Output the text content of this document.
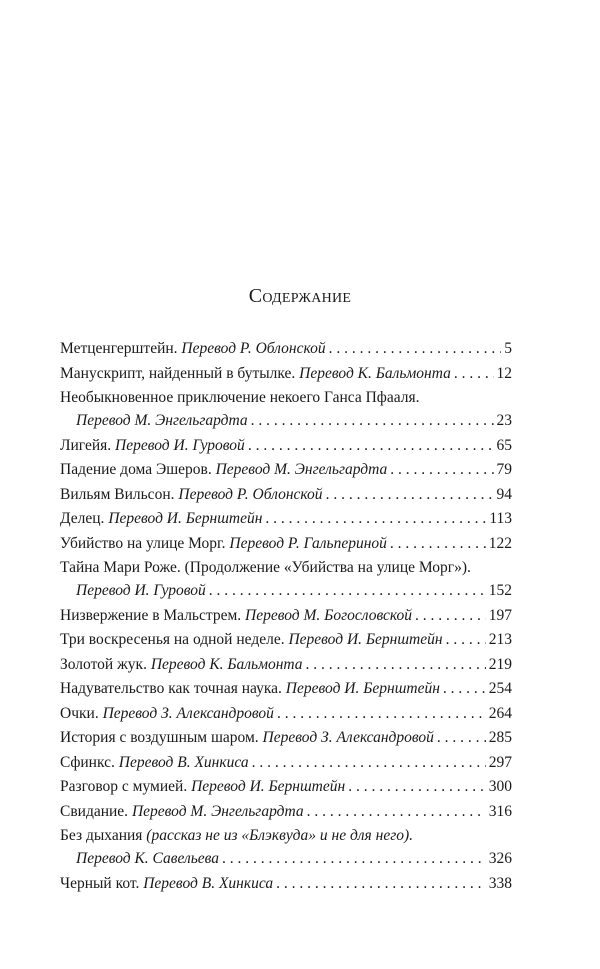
Содержание
Метценгерштейн.
Перевод Р. Облонской . . .	5
Манускрипт, найденный в бутылке.
Перевод К. Бальмонта . . .	12
Необыкновенное приключение некоего Ганса Пфааля.
Перевод М. Энгельгардта . . .	23
Лигейя.
Перевод И. Гуровой . . .	65
Падение дома Эшеров.
Перевод М. Энгельгардта . . .	79
Вильям Вильсон.
Перевод Р. Облонской . . .	94
Делец.
Перевод И. Бернштейн . . .	113
Убийство на улице Морг.
Перевод Р. Гальпериной . . .	122
Тайна Мари Роже. (Продолжение «Убийства на улице Морг»).
Перевод И. Гуровой . . .	152
Низвержение в Мальстрем.
Перевод М. Богословской . . .	197
Три воскресенья на одной неделе.
Перевод И. Бернштейн . . .	213
Золотой жук.
Перевод К. Бальмонта . . .	219
Надувательство как точная наука.
Перевод И. Бернштейн . . .	254
Очки.
Перевод З. Александровой . . .	264
История с воздушным шаром.
Перевод З. Александровой . . .	285
Сфинкс.
Перевод В. Хинкиса . . .	297
Разговор с мумией.
Перевод И. Бернштейн . . .	300
Свидание.
Перевод М. Энгельгардта . . .	316
Без дыхания
(рассказ не из «Блэквуда» и не для него).
Перевод К. Савельева . . .	326
Черный кот.
Перевод В. Хинкиса . . .	338
